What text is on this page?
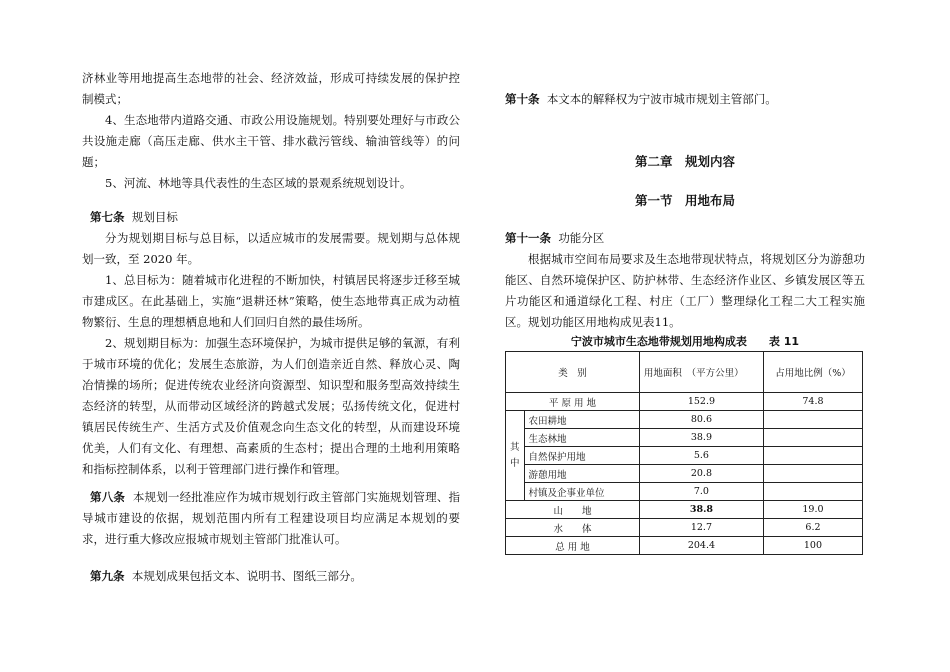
济林业等用地提高生态地带的社会、经济效益，形成可持续发展的保护控制模式；
4、生态地带内道路交通、市政公用设施规划。特别要处理好与市政公共设施走廊（高压走廊、供水主干管、排水截污管线、输油管线等）的问题；
5、河流、林地等具代表性的生态区域的景观系统规划设计。
第七条 规划目标
分为规划期目标与总目标，以适应城市的发展需要。规划期与总体规划一致，至 2020 年。
1、总目标为：随着城市化进程的不断加快，村镇居民将逐步迁移至城市建成区。在此基础上，实施“退耕还林”策略，使生态地带真正成为动植物繁衍、生息的理想栖息地和人们回归自然的最佳场所。
2、规划期目标为：加强生态环境保护，为城市提供足够的氧源，有利于城市环境的优化；发展生态旅游，为人们创造亲近自然、释放心灵、陶冶情操的场所；促进传统农业经济向资源型、知识型和服务型高效持续生态经济的转型，从而带动区域经济的跨越式发展；弘扬传统文化，促进村镇居民传统生产、生活方式及价值观念向生态文化的转型，从而建设环境优美，人们有文化、有理想、高素质的生态村；提出合理的土地利用策略和指标控制体系，以利于管理部门进行操作和管理。
第八条 本规划一经批准应作为城市规划行政主管部门实施规划管理、指导城市建设的依据，规划范围内所有工程建设项目均应满足本规划的要求，进行重大修改应报城市规划主管部门批准认可。
第九条 本规划成果包括文本、说明书、图纸三部分。
第十条 本文本的解释权为宁波市城市规划主管部门。
第二章　规划内容
第一节　用地布局
第十一条 功能分区
根据城市空间布局要求及生态地带现状特点，将规划区分为游憩功能区、自然环境保护区、防护林带、生态经济作业区、乡镇发展区等五片功能区和通道绿化工程、村庄（工厂）整理绿化工程二大工程实施区。规划功能区用地构成见表11。
宁波市城市生态地带规划用地构成表　　表 11
类　别		用地面积　（平方公里）	占用地比例（%）
平 原 用 地		152.9	74.8
其中	农田耕地	80.6	
	生态林地	38.9	
	自然保护用地	5.6	
	游憩用地	20.8	
	村镇及企事业单位	7.0	
山　　地		38.8	19.0
水　　体		12.7	6.2
总 用 地		204.4	100
